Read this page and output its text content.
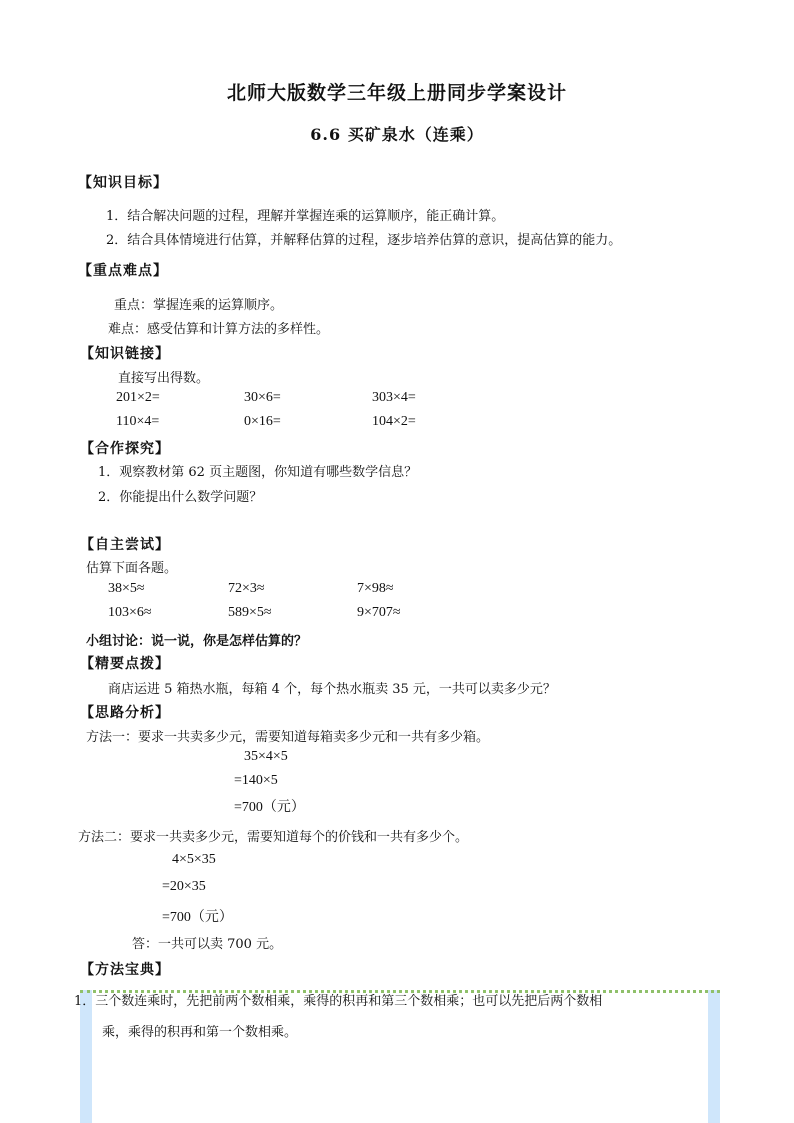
北师大版数学三年级上册同步学案设计
6.6 买矿泉水（连乘）
【知识目标】
1．结合解决问题的过程，理解并掌握连乘的运算顺序，能正确计算。
2．结合具体情境进行估算，并解释估算的过程，逐步培养估算的意识，提高估算的能力。
【重点难点】
重点：掌握连乘的运算顺序。
难点：感受估算和计算方法的多样性。
【知识链接】
直接写出得数。
201×2=	30×6=	303×4=
110×4=	0×16=	104×2=
【合作探究】
1．观察教材第 62 页主题图，你知道有哪些数学信息？
2．你能提出什么数学问题？
【自主尝试】
估算下面各题。
38×5≈	72×3≈	7×98≈
103×6≈	589×5≈	9×707≈
小组讨论：说一说，你是怎样估算的？
【精要点拨】
商店运进 5 箱热水瓶，每箱 4 个，每个热水瓶卖 35 元，一共可以卖多少元？
【思路分析】
方法一：要求一共卖多少元，需要知道每箱卖多少元和一共有多少箱。
35×4×5
=140×5
=700（元）
方法二：要求一共卖多少元，需要知道每个的价钱和一共有多少个。
4×5×35
=20×35
=700（元）
答：一共可以卖 700 元。
【方法宝典】
1．三个数连乘时，先把前两个数相乘，乘得的积再和第三个数相乘；也可以先把后两个数相
乘，乘得的积再和第一个数相乘。
